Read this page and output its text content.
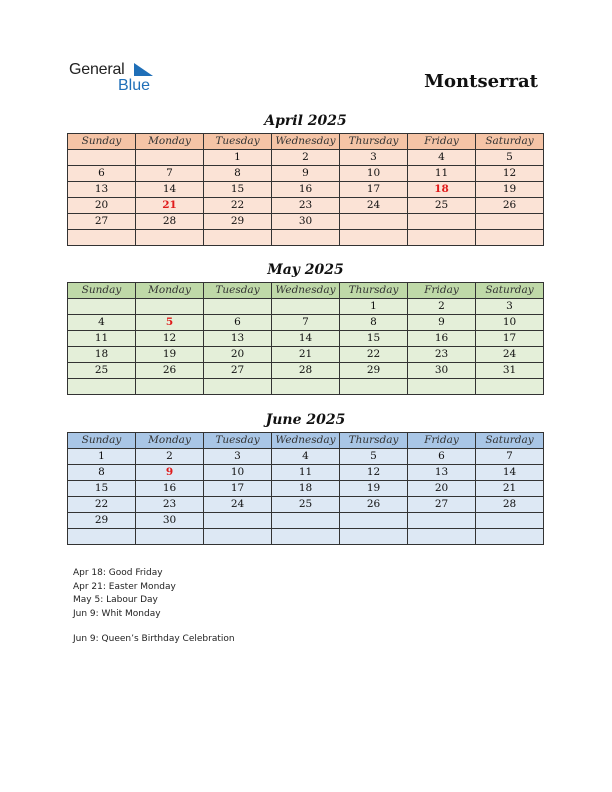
General
Blue	Montserrat
April 2025
Sunday	Monday	Tuesday	Wednesday	Thursday	Friday	Saturday
		1	2	3	4	5
6	7	8	9	10	11	12
13	14	15	16	17	18	19
20	21	22	23	24	25	26
27	28	29	30			

May 2025
Sunday	Monday	Tuesday	Wednesday	Thursday	Friday	Saturday
				1	2	3
4	5	6	7	8	9	10
11	12	13	14	15	16	17
18	19	20	21	22	23	24
25	26	27	28	29	30	31

June 2025
Sunday	Monday	Tuesday	Wednesday	Thursday	Friday	Saturday
1	2	3	4	5	6	7
8	9	10	11	12	13	14
15	16	17	18	19	20	21
22	23	24	25	26	27	28
29	30					

Apr 18: Good Friday
Apr 21: Easter Monday
May 5: Labour Day
Jun 9: Whit Monday
Jun 9: Queen’s Birthday Celebration
